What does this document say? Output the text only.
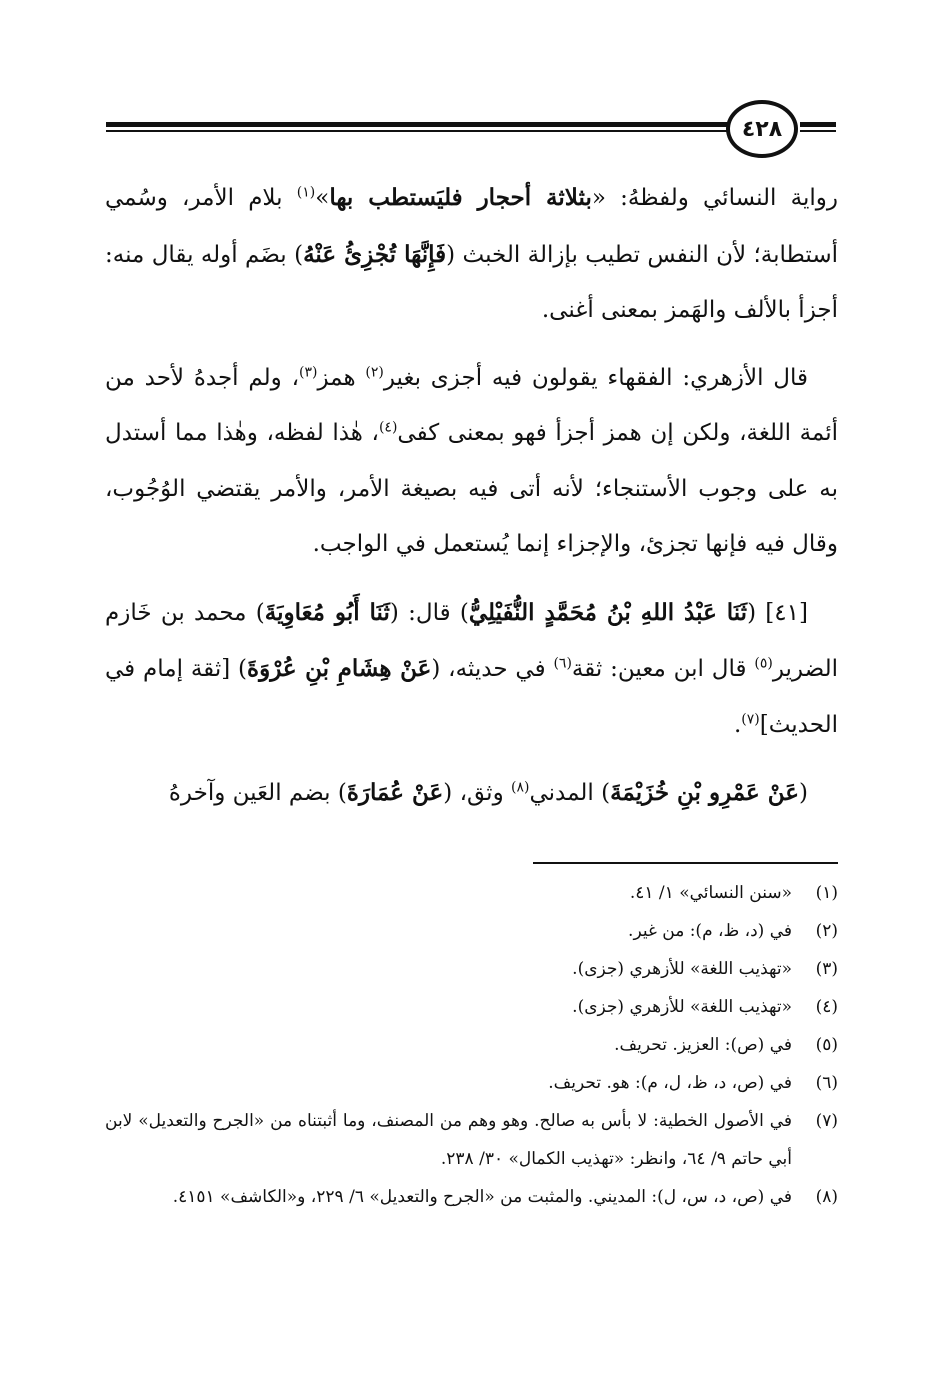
٤٢٨

رواية النسائي ولفظهُ: «بثلاثة أحجار فليَستطب بها»$^{(١)}$ بلام الأمر، وسُمي أستطابة؛ لأن النفس تطيب بإزالة الخبث (فَإِنَّهَا تُجْزِئُ عَنْهُ) بضَم أوله يقال منه: أجزأ بالألف والهَمز بمعنى أغنى.

قال الأزهري: الفقهاء يقولون فيه أجزى بغير$^{(٢)}$ همز$^{(٣)}$، ولم أجدهُ لأحد من أئمة اللغة، ولكن إن همز أجزأ فهو بمعنى كفى$^{(٤)}$، هٰذا لفظه، وهٰذا مما أستدل به على وجوب الأستنجاء؛ لأنه أتى فيه بصيغة الأمر، والأمر يقتضي الوُجُوب، وقال فيه فإنها تجزئ، والإجزاء إنما يُستعمل في الواجب.

[٤١] (ثَنَا عَبْدُ اللهِ بْنُ مُحَمَّدٍ النُّفَيْلِيُّ) قال: (ثَنَا أَبُو مُعَاوِيَةَ) محمد بن خَازم الضرير$^{(٥)}$ قال ابن معين: ثقة$^{(٦)}$ في حديثه، (عَنْ هِشَامِ بْنِ عُرْوَةَ) [ثقة إمام في الحديث]$^{(٧)}$.

(عَنْ عَمْرِو بْنِ خُزَيْمَةَ) المدني$^{(٨)}$ وثق، (عَنْ عُمَارَةَ) بضم العَين وآخرهُ

(١)
«سنن النسائي» ١/ ٤١.
(٢)
في (د، ظ، م): من غير.
(٣)
«تهذيب اللغة» للأزهري (جزى).
(٤)
«تهذيب اللغة» للأزهري (جزى).
(٥)
في (ص): العزيز. تحريف.
(٦)
في (ص، د، ظ، ل، م): هو. تحريف.
(٧)
في الأصول الخطية: لا بأس به صالح. وهو وهم من المصنف، وما أثبتناه من «الجرح والتعديل» لابن أبي حاتم ٩/ ٦٤، وانظر: «تهذيب الكمال» ٣٠/ ٢٣٨.
(٨)
في (ص، د، س، ل): المديني. والمثبت من «الجرح والتعديل» ٦/ ٢٢٩، و«الكاشف» ٤١٥١.
